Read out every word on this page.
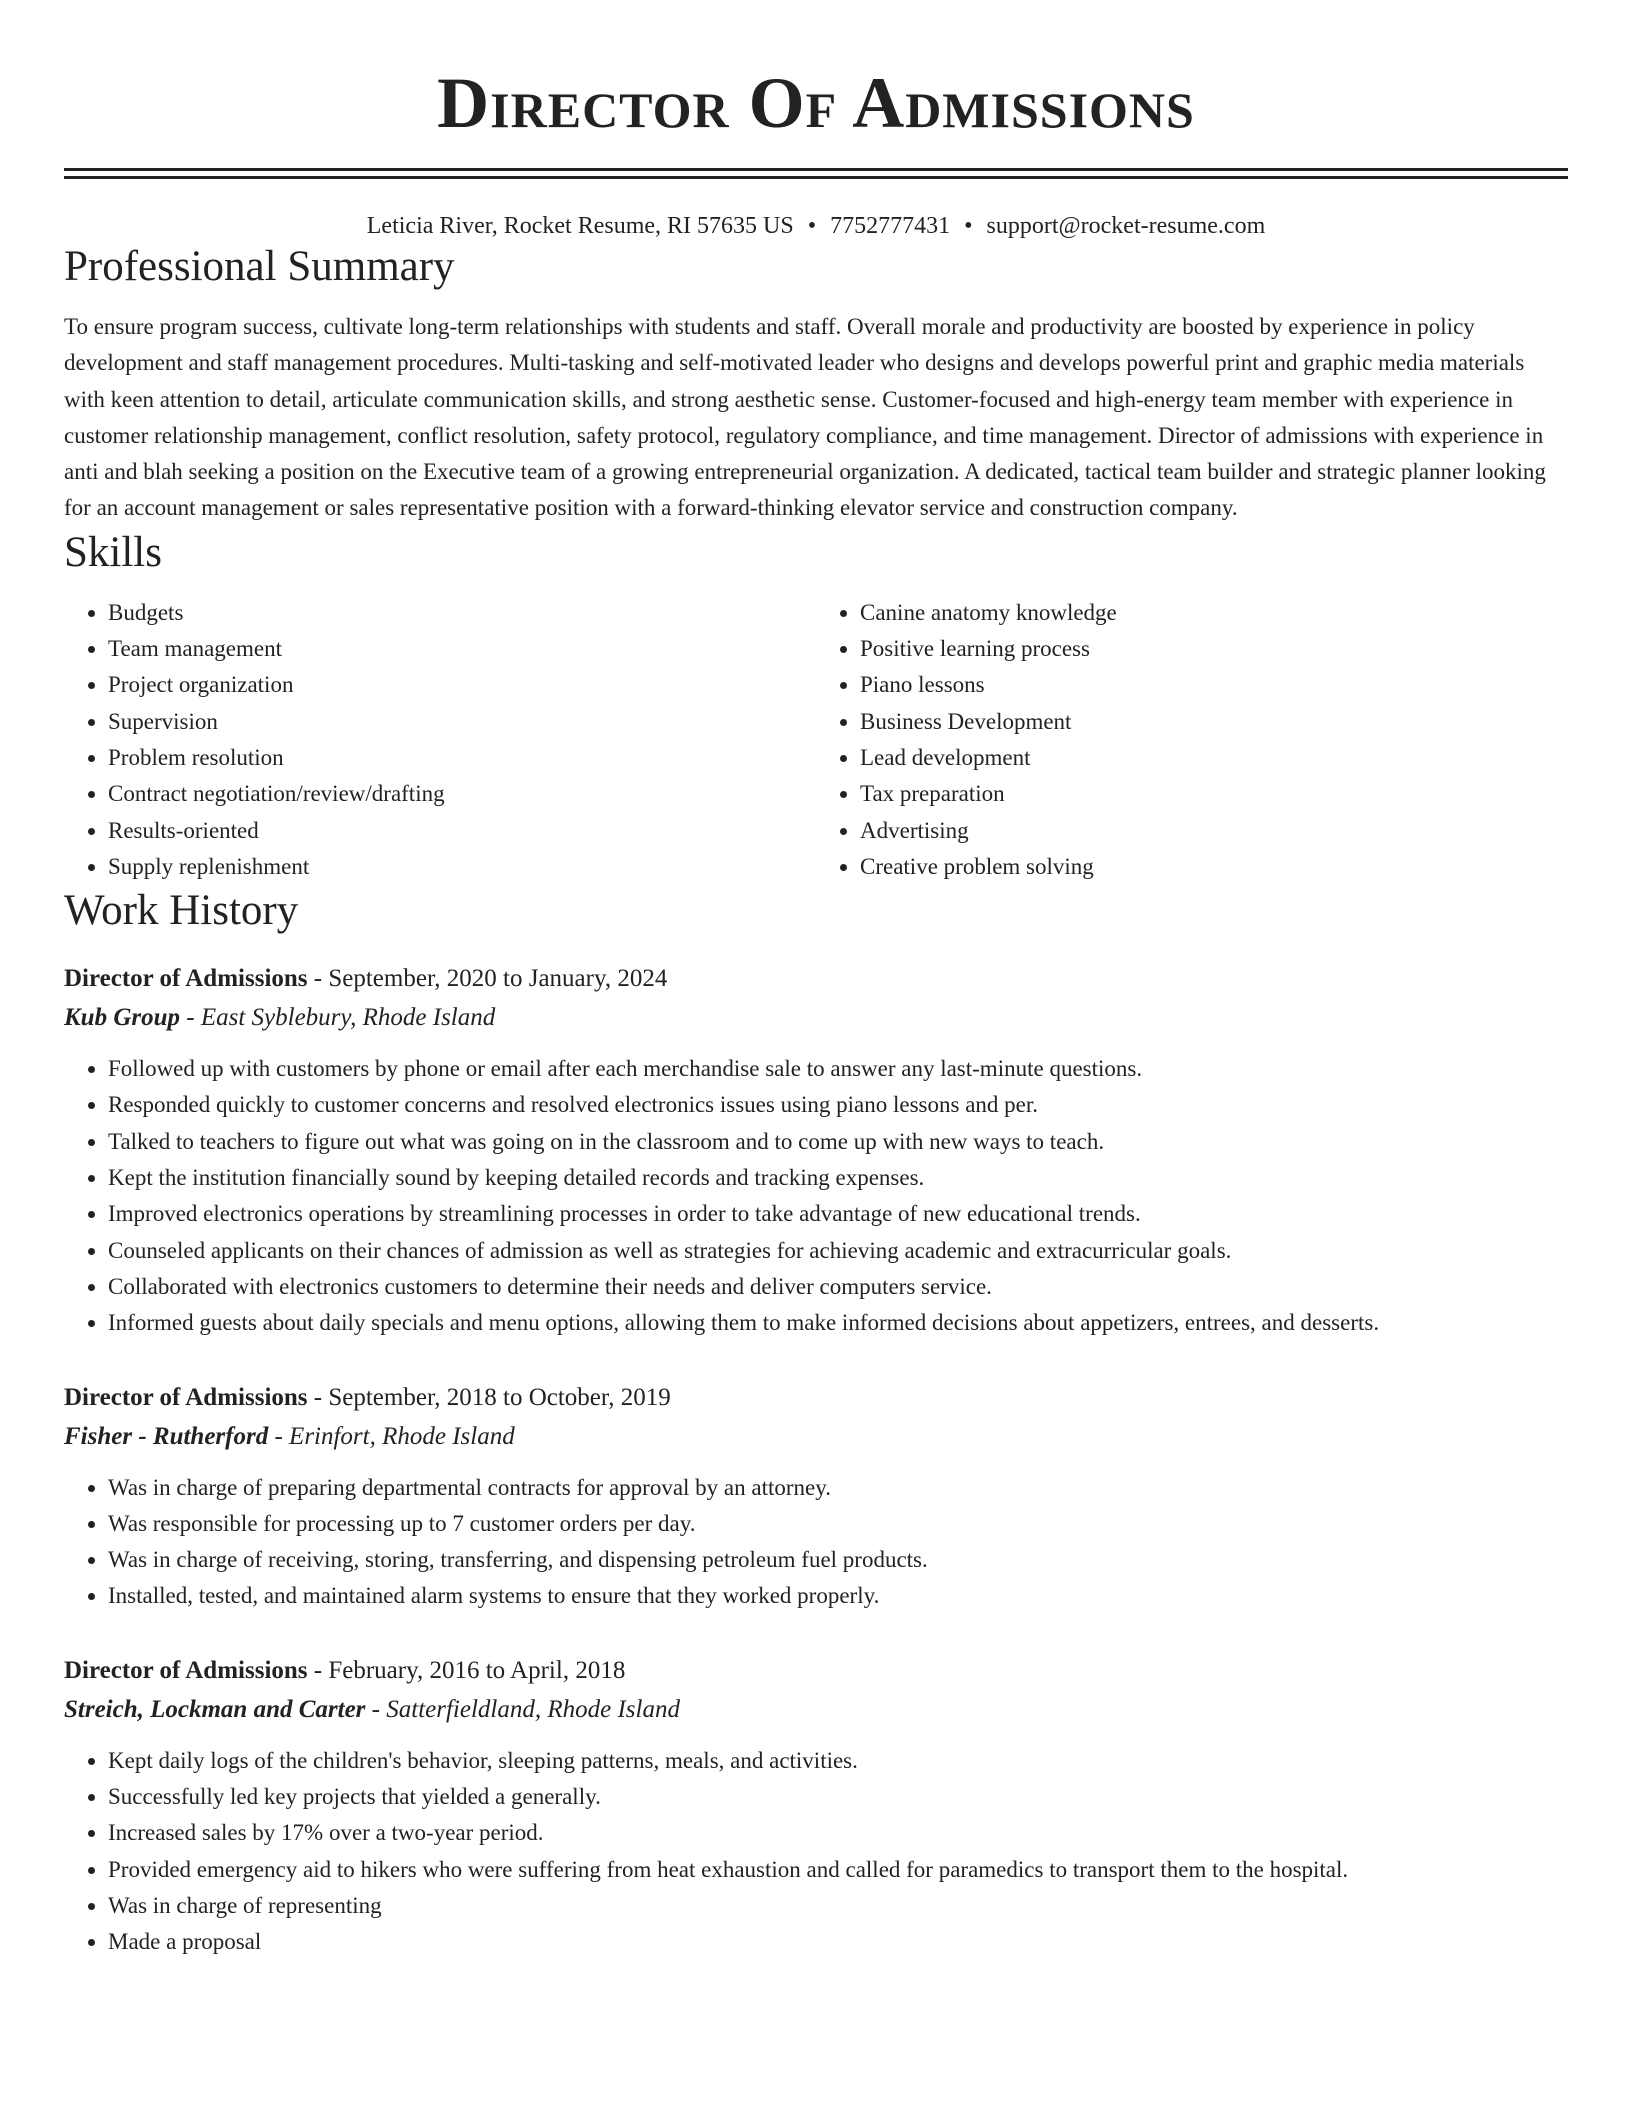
Director Of Admissions
Leticia River, Rocket Resume, RI 57635 US • 7752777431 • support@rocket-resume.com
Professional Summary

To ensure program success, cultivate long-term relationships with students and staff. Overall morale and productivity are boosted by experience in policy development and staff management procedures. Multi-tasking and self-motivated leader who designs and develops powerful print and graphic media materials with keen attention to detail, articulate communication skills, and strong aesthetic sense. Customer-focused and high-energy team member with experience in customer relationship management, conflict resolution, safety protocol, regulatory compliance, and time management. Director of admissions with experience in anti and blah seeking a position on the Executive team of a growing entrepreneurial organization. A dedicated, tactical team builder and strategic planner looking for an account management or sales representative position with a forward-thinking elevator service and construction company.

Skills
• Budgets
• Team management
• Project organization
• Supervision
• Problem resolution
• Contract negotiation/review/drafting
• Results-oriented
• Supply replenishment
• Canine anatomy knowledge
• Positive learning process
• Piano lessons
• Business Development
• Lead development
• Tax preparation
• Advertising
• Creative problem solving
Work History
Director of Admissions - September, 2020 to January, 2024
Kub Group - East Syblebury, Rhode Island
• Followed up with customers by phone or email after each merchandise sale to answer any last-minute questions.
• Responded quickly to customer concerns and resolved electronics issues using piano lessons and per.
• Talked to teachers to figure out what was going on in the classroom and to come up with new ways to teach.
• Kept the institution financially sound by keeping detailed records and tracking expenses.
• Improved electronics operations by streamlining processes in order to take advantage of new educational trends.
• Counseled applicants on their chances of admission as well as strategies for achieving academic and extracurricular goals.
• Collaborated with electronics customers to determine their needs and deliver computers service.
• Informed guests about daily specials and menu options, allowing them to make informed decisions about appetizers, entrees, and desserts.
Director of Admissions - September, 2018 to October, 2019
Fisher - Rutherford - Erinfort, Rhode Island
• Was in charge of preparing departmental contracts for approval by an attorney.
• Was responsible for processing up to 7 customer orders per day.
• Was in charge of receiving, storing, transferring, and dispensing petroleum fuel products.
• Installed, tested, and maintained alarm systems to ensure that they worked properly.
Director of Admissions - February, 2016 to April, 2018
Streich, Lockman and Carter - Satterfieldland, Rhode Island
• Kept daily logs of the children's behavior, sleeping patterns, meals, and activities.
• Successfully led key projects that yielded a generally.
• Increased sales by 17% over a two-year period.
• Provided emergency aid to hikers who were suffering from heat exhaustion and called for paramedics to transport them to the hospital.
• Was in charge of representing
• Made a proposal
